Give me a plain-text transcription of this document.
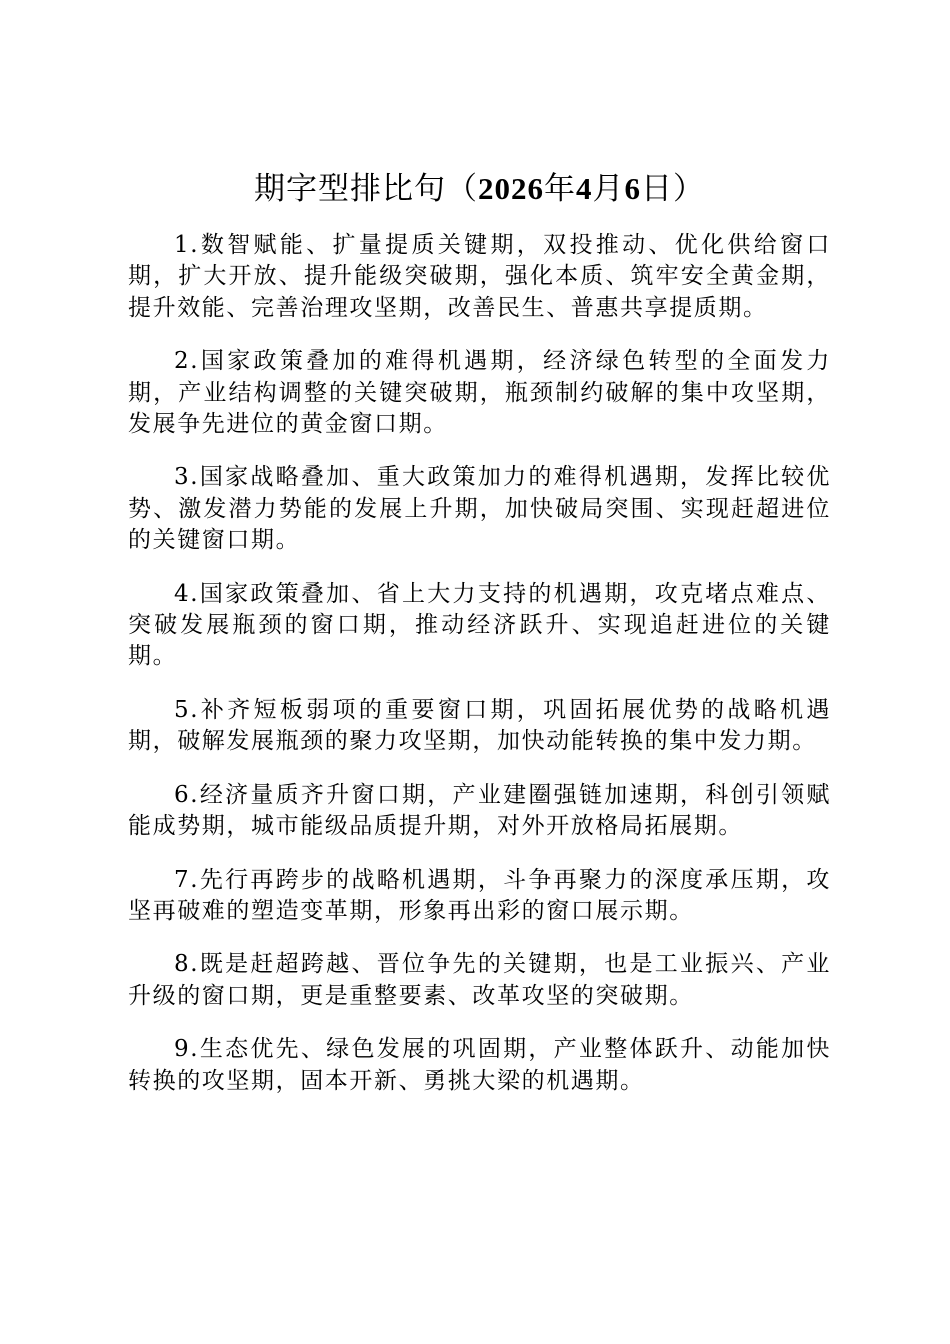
期字型排比句（2026年4月6日）

1.数智赋能、扩量提质关键期，双投推动、优化供给窗口期，扩大开放、提升能级突破期，强化本质、筑牢安全黄金期，提升效能、完善治理攻坚期，改善民生、普惠共享提质期。

2.国家政策叠加的难得机遇期，经济绿色转型的全面发力期，产业结构调整的关键突破期，瓶颈制约破解的集中攻坚期，发展争先进位的黄金窗口期。

3.国家战略叠加、重大政策加力的难得机遇期，发挥比较优势、激发潜力势能的发展上升期，加快破局突围、实现赶超进位的关键窗口期。

4.国家政策叠加、省上大力支持的机遇期，攻克堵点难点、突破发展瓶颈的窗口期，推动经济跃升、实现追赶进位的关键期。

5.补齐短板弱项的重要窗口期，巩固拓展优势的战略机遇期，破解发展瓶颈的聚力攻坚期，加快动能转换的集中发力期。

6.经济量质齐升窗口期，产业建圈强链加速期，科创引领赋能成势期，城市能级品质提升期，对外开放格局拓展期。

7.先行再跨步的战略机遇期，斗争再聚力的深度承压期，攻坚再破难的塑造变革期，形象再出彩的窗口展示期。

8.既是赶超跨越、晋位争先的关键期，也是工业振兴、产业升级的窗口期，更是重整要素、改革攻坚的突破期。

9.生态优先、绿色发展的巩固期，产业整体跃升、动能加快转换的攻坚期，固本开新、勇挑大梁的机遇期。
